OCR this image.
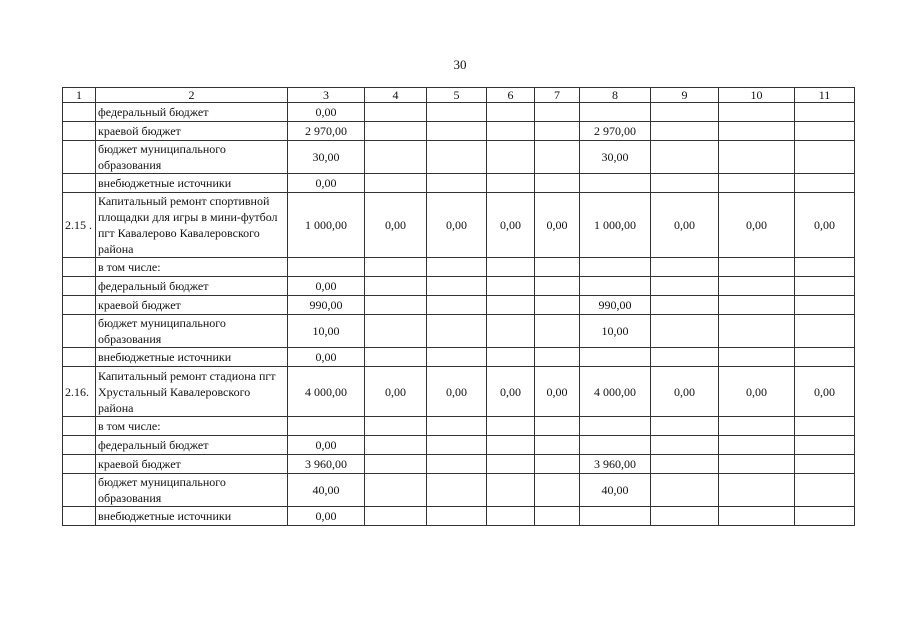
30
1	2	3	4	5	6	7	8	9	10	11
	федеральный бюджет	0,00								
	краевой бюджет	2 970,00					2 970,00			
	бюджет муниципального образования	30,00					30,00			
	внебюджетные источники	0,00								
2.15 .	Капитальный ремонт спортивной площадки для игры в мини-футбол пгт Кавалерово Кавалеровского района	1 000,00	0,00	0,00	0,00	0,00	1 000,00	0,00	0,00	0,00
	в том числе:									
	федеральный бюджет	0,00								
	краевой бюджет	990,00					990,00			
	бюджет муниципального образования	10,00					10,00			
	внебюджетные источники	0,00								
2.16.	Капитальный ремонт стадиона пгт Хрустальный Кавалеровского района	4 000,00	0,00	0,00	0,00	0,00	4 000,00	0,00	0,00	0,00
	в том числе:									
	федеральный бюджет	0,00								
	краевой бюджет	3 960,00					3 960,00			
	бюджет муниципального образования	40,00					40,00			
	внебюджетные источники	0,00								
